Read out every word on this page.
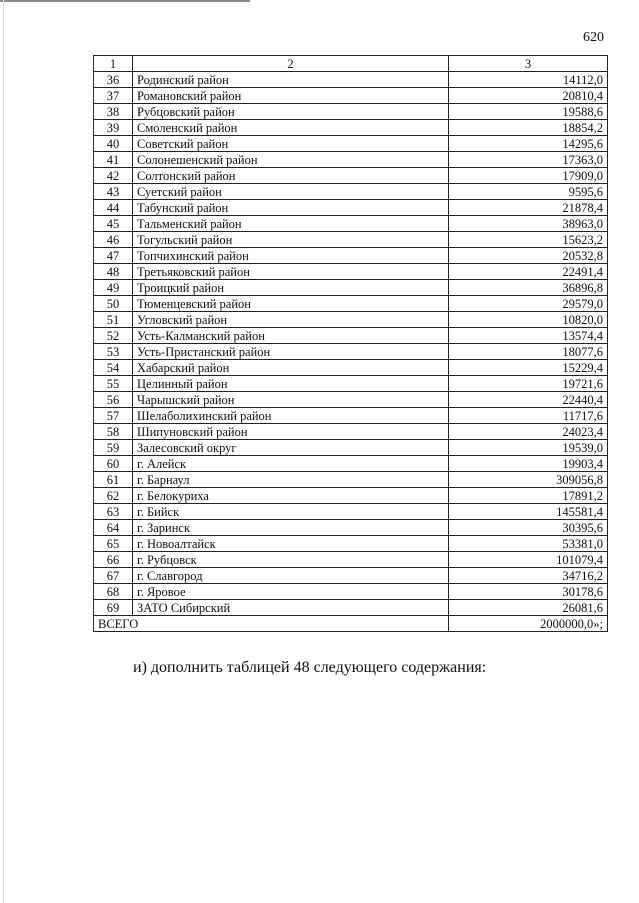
620
1	2	3
36	Родинский район	14112,0
37	Романовский район	20810,4
38	Рубцовский район	19588,6
39	Смоленский район	18854,2
40	Советский район	14295,6
41	Солонешенский район	17363,0
42	Солтонский район	17909,0
43	Суетский район	9595,6
44	Табунский район	21878,4
45	Тальменский район	38963,0
46	Тогульский район	15623,2
47	Топчихинский район	20532,8
48	Третьяковский район	22491,4
49	Троицкий район	36896,8
50	Тюменцевский район	29579,0
51	Угловский район	10820,0
52	Усть-Калманский район	13574,4
53	Усть-Пристанский район	18077,6
54	Хабарский район	15229,4
55	Целинный район	19721,6
56	Чарышский район	22440,4
57	Шелаболихинский район	11717,6
58	Шипуновский район	24023,4
59	Залесовский округ	19539,0
60	г. Алейск	19903,4
61	г. Барнаул	309056,8
62	г. Белокуриха	17891,2
63	г. Бийск	145581,4
64	г. Заринск	30395,6
65	г. Новоалтайск	53381,0
66	г. Рубцовск	101079,4
67	г. Славгород	34716,2
68	г. Яровое	30178,6
69	ЗАТО Сибирский	26081,6
ВСЕГО		2000000,0»;
и) дополнить таблицей 48 следующего содержания:
